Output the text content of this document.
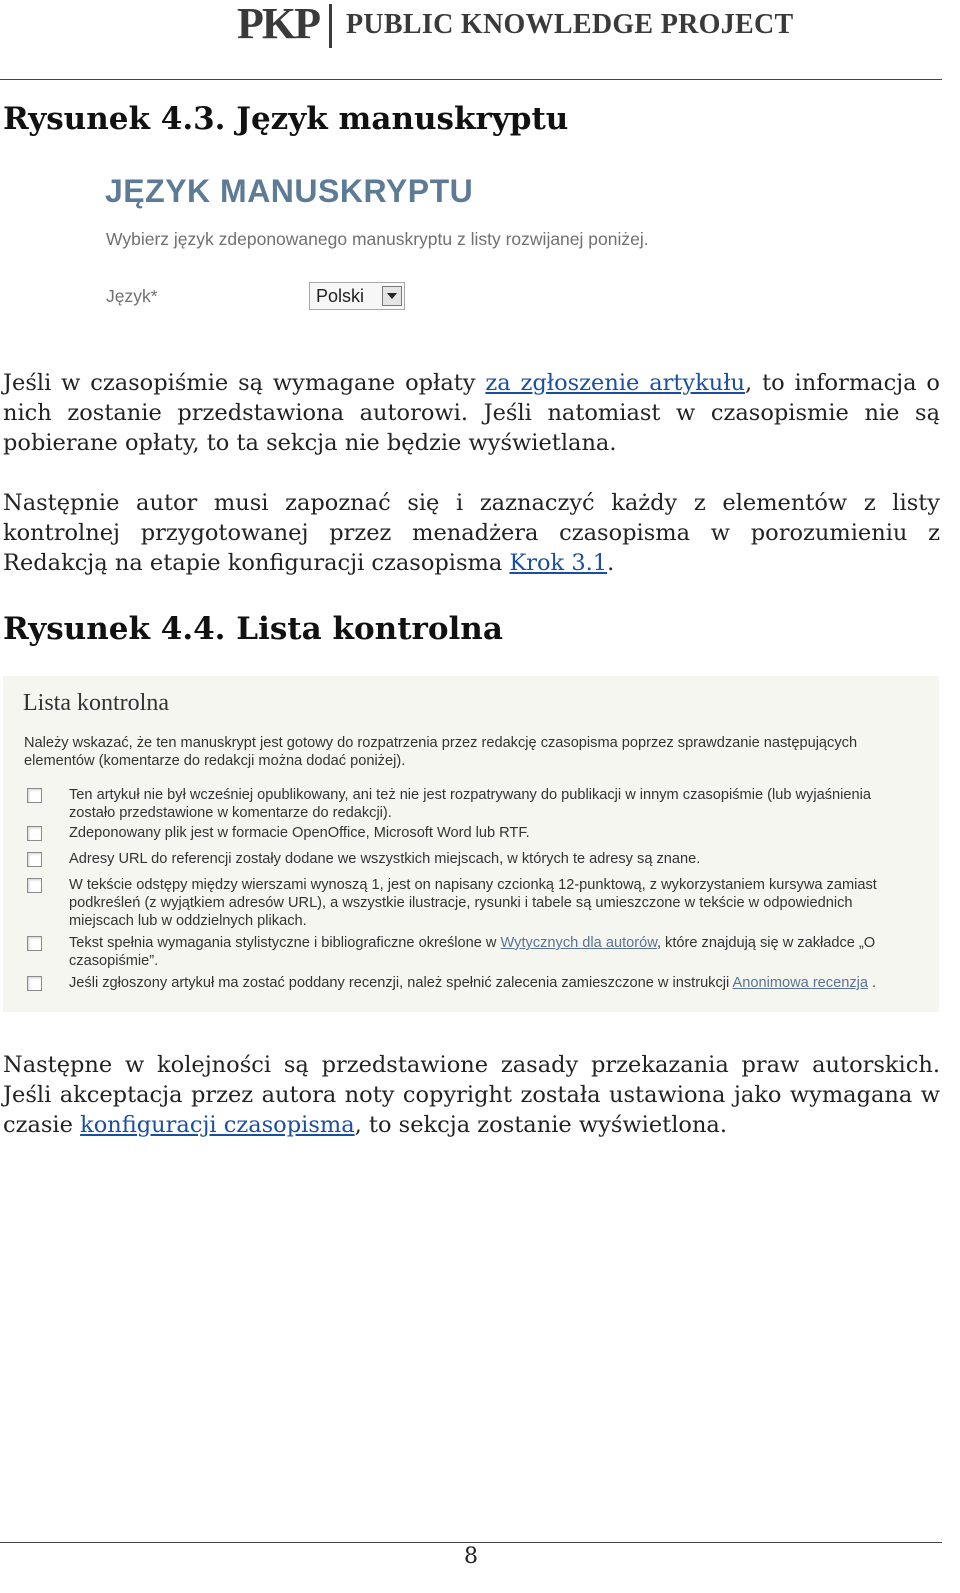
PKP PUBLIC KNOWLEDGE PROJECT
Rysunek 4.3. Język manuskryptu
JĘZYK MANUSKRYPTU
Wybierz język zdeponowanego manuskryptu z listy rozwijanej poniżej.
Język*	Polski

Jeśli w czasopiśmie są wymagane opłaty za zgłoszenie artykułu, to informacja o nich zostanie przedstawiona autorowi. Jeśli natomiast w czasopismie nie są pobierane opłaty, to ta sekcja nie będzie wyświetlana.

Następnie autor musi zapoznać się i zaznaczyć każdy z elementów z listy kontrolnej przygotowanej przez menadżera czasopisma w porozumieniu z Redakcją na etapie konfiguracji czasopisma Krok 3.1.

Rysunek 4.4. Lista kontrolna
Lista kontrolna
Należy wskazać, że ten manuskrypt jest gotowy do rozpatrzenia przez redakcję czasopisma poprzez sprawdzanie następujących elementów (komentarze do redakcji można dodać poniżej).
Ten artykuł nie był wcześniej opublikowany, ani też nie jest rozpatrywany do publikacji w innym czasopiśmie (lub wyjaśnienia zostało przedstawione w komentarze do redakcji).
Zdeponowany plik jest w formacie OpenOffice, Microsoft Word lub RTF.
Adresy URL do referencji zostały dodane we wszystkich miejscach, w których te adresy są znane.
W tekście odstępy między wierszami wynoszą 1, jest on napisany czcionką 12-punktową, z wykorzystaniem kursywa zamiast podkreśleń (z wyjątkiem adresów URL), a wszystkie ilustracje, rysunki i tabele są umieszczone w tekście w odpowiednich miejscach lub w oddzielnych plikach.
Tekst spełnia wymagania stylistyczne i bibliograficzne określone w Wytycznych dla autorów, które znajdują się w zakładce „O czasopiśmie”.
Jeśli zgłoszony artykuł ma zostać poddany recenzji, należ spełnić zalecenia zamieszczone w instrukcji Anonimowa recenzja .

Następne w kolejności są przedstawione zasady przekazania praw autorskich. Jeśli akceptacja przez autora noty copyright została ustawiona jako wymagana w czasie konfiguracji czasopisma, to sekcja zostanie wyświetlona.

8
